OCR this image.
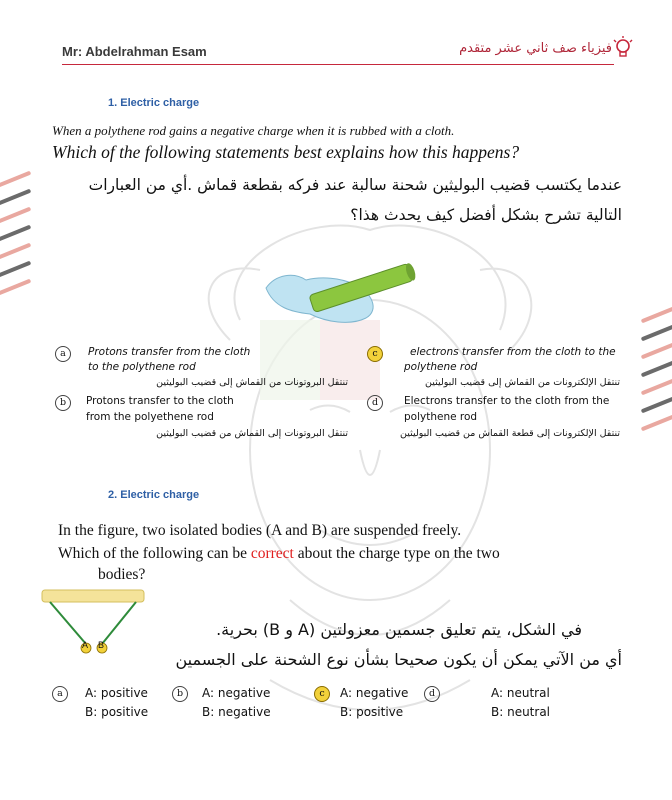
Mr: Abdelrahman Esam	فيزياء صف ثاني عشر متقدم
1. Electric charge
When a polythene rod gains a negative charge when it is rubbed with a cloth.
Which of the following statements best explains how this happens?
عندما يكتسب قضيب البوليثين شحنة سالبة عند فركه بقطعة قماش .أي من العبارات
التالية تشرح بشكل أفضل كيف يحدث هذا؟
a	Protons transfer from the cloth
to the polythene rod
تنتقل البروتونات من القماش إلى قضيب البوليثين
b	Protons transfer to the cloth
from the polyethene rod
تنتقل البروتونات إلى القماش من قضيب البوليثين
c	electrons transfer from the cloth to the
polythene rod
تنتقل الإلكترونات من القماش إلى قضيب البوليثين
d	Electrons transfer to the cloth from the
polythene rod
تنتقل الإلكترونات إلى قطعة القماش من قضيب البوليثين
2. Electric charge
In the figure, two isolated bodies (A and B) are suspended freely.
Which of the following can be correct about the charge type on the two
bodies?
A B
في الشكل، يتم تعليق جسمين معزولتين (A و B) بحرية.
أي من الآتي يمكن أن يكون صحيحا بشأن نوع الشحنة على الجسمين
a	A: positive
B: positive
b	A: negative
B: negative
c	A: negative
B: positive
d	A: neutral
B: neutral
